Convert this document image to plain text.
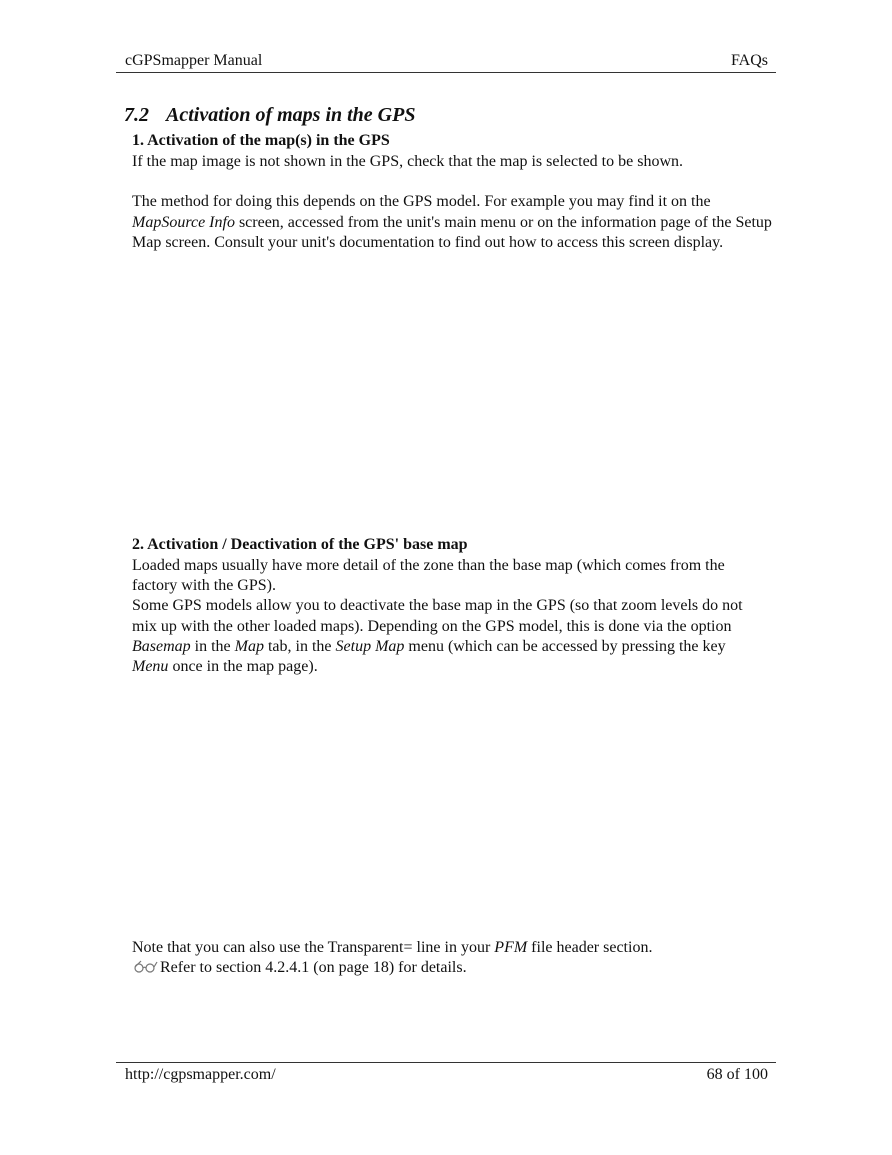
cGPSmapper Manual	FAQs
7.2 Activation of maps in the GPS
1. Activation of the map(s) in the GPS

If the map image is not shown in the GPS, check that the map is selected to be shown.

The method for doing this depends on the GPS model. For example you may find it on the MapSource Info screen, accessed from the unit's main menu or on the information page of the Setup Map screen. Consult your unit's documentation to find out how to access this screen display.

2. Activation / Deactivation of the GPS' base map

Loaded maps usually have more detail of the zone than the base map (which comes from the factory with the GPS).

Some GPS models allow you to deactivate the base map in the GPS (so that zoom levels do not mix up with the other loaded maps). Depending on the GPS model, this is done via the option Basemap in the Map tab, in the Setup Map menu (which can be accessed by pressing the key Menu once in the map page).

Note that you can also use the Transparent= line in your PFM file header section.

Refer to section 4.2.4.1 (on page 18) for details.

http://cgpsmapper.com/	68 of 100
